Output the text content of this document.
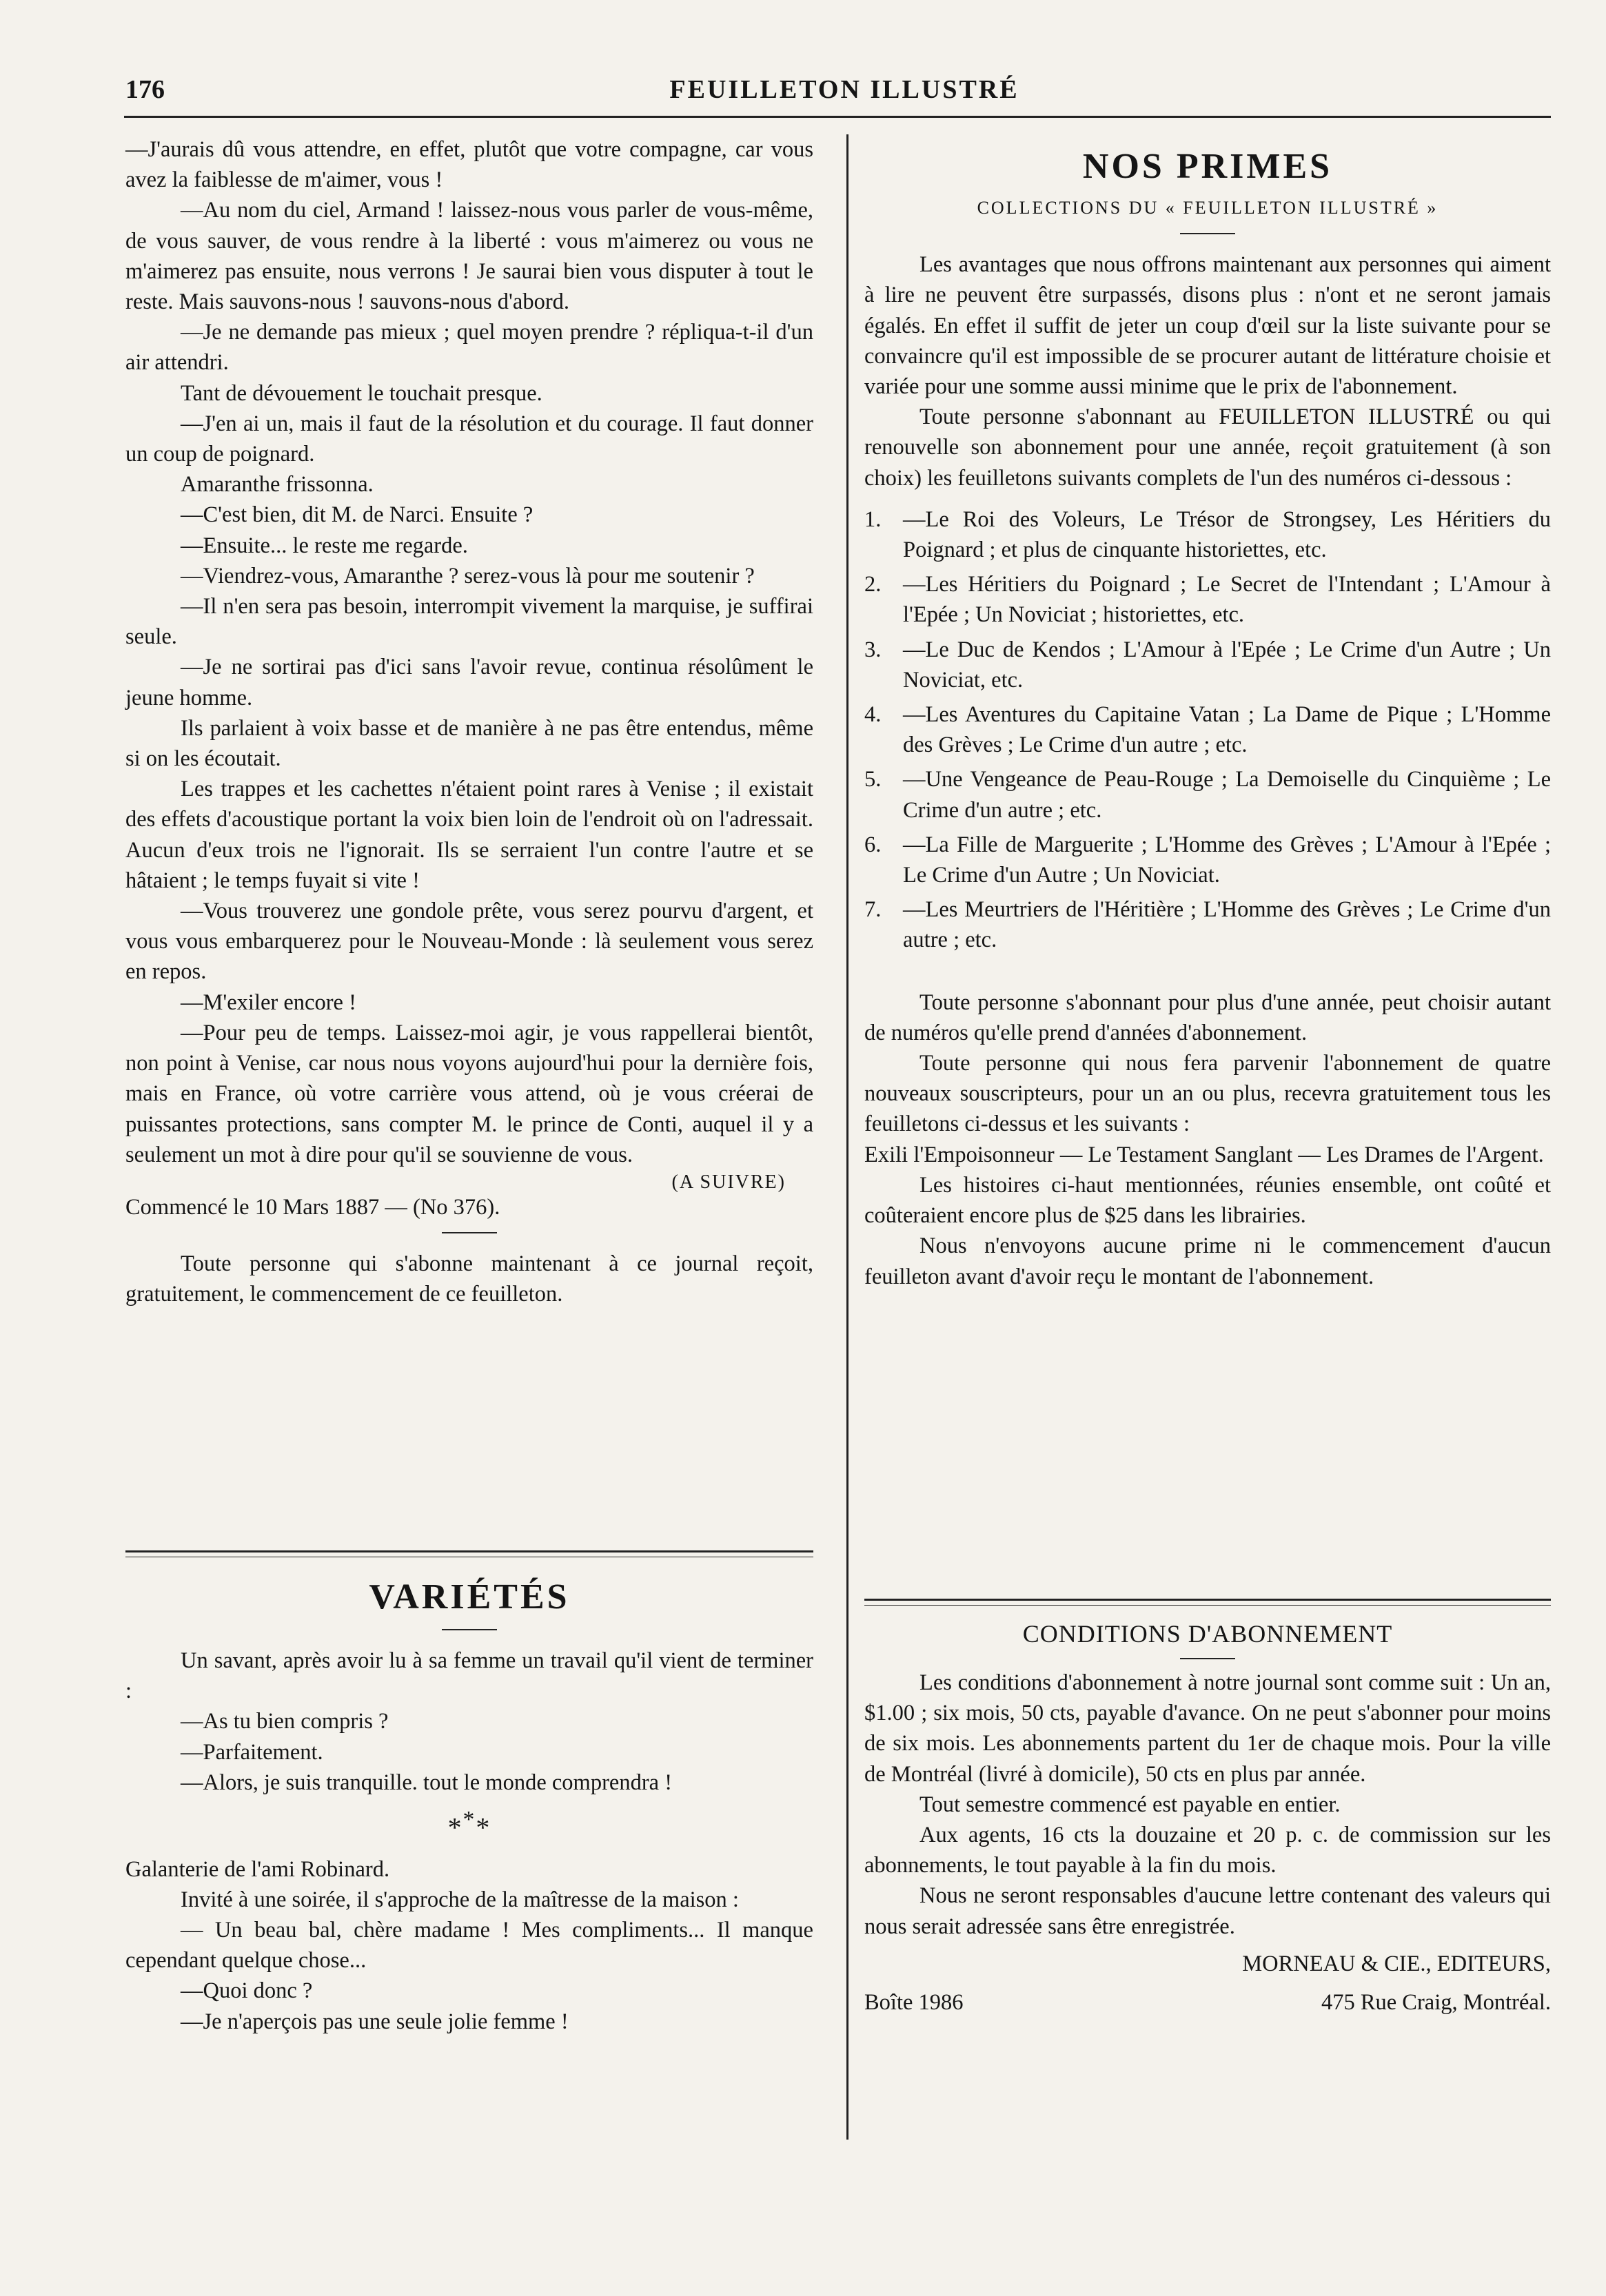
176	FEUILLETON ILLUSTRÉ

—J'aurais dû vous attendre, en effet, plutôt que votre compagne, car vous avez la faiblesse de m'aimer, vous !

—Au nom du ciel, Armand ! laissez-nous vous parler de vous-même, de vous sauver, de vous rendre à la liberté : vous m'aimerez ou vous ne m'aimerez pas ensuite, nous verrons ! Je saurai bien vous disputer à tout le reste. Mais sauvons-nous ! sauvons-nous d'abord.

—Je ne demande pas mieux ; quel moyen prendre ? répliqua-t-il d'un air attendri.

Tant de dévouement le touchait presque.

—J'en ai un, mais il faut de la résolution et du courage. Il faut donner un coup de poignard.

Amaranthe frissonna.

—C'est bien, dit M. de Narci. Ensuite ?

—Ensuite... le reste me regarde.

—Viendrez-vous, Amaranthe ? serez-vous là pour me soutenir ?

—Il n'en sera pas besoin, interrompit vivement la marquise, je suffirai seule.

—Je ne sortirai pas d'ici sans l'avoir revue, continua résolûment le jeune homme.

Ils parlaient à voix basse et de manière à ne pas être entendus, même si on les écoutait.

Les trappes et les cachettes n'étaient point rares à Venise ; il existait des effets d'acoustique portant la voix bien loin de l'endroit où on l'adressait. Aucun d'eux trois ne l'ignorait. Ils se serraient l'un contre l'autre et se hâtaient ; le temps fuyait si vite !

—Vous trouverez une gondole prête, vous serez pourvu d'argent, et vous vous embarquerez pour le Nouveau-Monde : là seulement vous serez en repos.

—M'exiler encore !

—Pour peu de temps. Laissez-moi agir, je vous rappellerai bientôt, non point à Venise, car nous nous voyons aujourd'hui pour la dernière fois, mais en France, où votre carrière vous attend, où je vous créerai de puissantes protections, sans compter M. le prince de Conti, auquel il y a seulement un mot à dire pour qu'il se souvienne de vous.

(A SUIVRE)

Commencé le 10 Mars 1887 — (No 376).

Toute personne qui s'abonne maintenant à ce journal reçoit, gratuitement, le commencement de ce feuilleton.

VARIÉTÉS

Un savant, après avoir lu à sa femme un travail qu'il vient de terminer :

—As tu bien compris ?

—Parfaitement.

—Alors, je suis tranquille. tout le monde comprendra !

***

Galanterie de l'ami Robinard.

Invité à une soirée, il s'approche de la maîtresse de la maison :

— Un beau bal, chère madame ! Mes compliments... Il manque cependant quelque chose...

—Quoi donc ?

—Je n'aperçois pas une seule jolie femme !

NOS PRIMES
COLLECTIONS DU « FEUILLETON ILLUSTRÉ »

Les avantages que nous offrons maintenant aux personnes qui aiment à lire ne peuvent être surpassés, disons plus : n'ont et ne seront jamais égalés. En effet il suffit de jeter un coup d'œil sur la liste suivante pour se convaincre qu'il est impossible de se procurer autant de littérature choisie et variée pour une somme aussi minime que le prix de l'abonnement.

Toute personne s'abonnant au FEUILLETON ILLUSTRÉ ou qui renouvelle son abonnement pour une année, reçoit gratuitement (à son choix) les feuilletons suivants complets de l'un des numéros ci-dessous :

1. —Le Roi des Voleurs, Le Trésor de Strongsey, Les Héritiers du Poignard ; et plus de cinquante historiettes, etc.
2. —Les Héritiers du Poignard ; Le Secret de l'Intendant ; L'Amour à l'Epée ; Un Noviciat ; historiettes, etc.
3. —Le Duc de Kendos ; L'Amour à l'Epée ; Le Crime d'un Autre ; Un Noviciat, etc.
4. —Les Aventures du Capitaine Vatan ; La Dame de Pique ; L'Homme des Grèves ; Le Crime d'un autre ; etc.
5. —Une Vengeance de Peau-Rouge ; La Demoiselle du Cinquième ; Le Crime d'un autre ; etc.
6. —La Fille de Marguerite ; L'Homme des Grèves ; L'Amour à l'Epée ; Le Crime d'un Autre ; Un Noviciat.
7. —Les Meurtriers de l'Héritière ; L'Homme des Grèves ; Le Crime d'un autre ; etc.

Toute personne s'abonnant pour plus d'une année, peut choisir autant de numéros qu'elle prend d'années d'abonnement.

Toute personne qui nous fera parvenir l'abonnement de quatre nouveaux souscripteurs, pour un an ou plus, recevra gratuitement tous les feuilletons ci-dessus et les suivants :

Exili l'Empoisonneur — Le Testament Sanglant — Les Drames de l'Argent.

Les histoires ci-haut mentionnées, réunies ensemble, ont coûté et coûteraient encore plus de $25 dans les librairies.

Nous n'envoyons aucune prime ni le commencement d'aucun feuilleton avant d'avoir reçu le montant de l'abonnement.

CONDITIONS D'ABONNEMENT

Les conditions d'abonnement à notre journal sont comme suit : Un an, $1.00 ; six mois, 50 cts, payable d'avance. On ne peut s'abonner pour moins de six mois. Les abonnements partent du 1er de chaque mois. Pour la ville de Montréal (livré à domicile), 50 cts en plus par année.

Tout semestre commencé est payable en entier.

Aux agents, 16 cts la douzaine et 20 p. c. de commission sur les abonnements, le tout payable à la fin du mois.

Nous ne seront responsables d'aucune lettre contenant des valeurs qui nous serait adressée sans être enregistrée.

MORNEAU & CIE., EDITEURS,
Boîte 1986	475 Rue Craig, Montréal.
